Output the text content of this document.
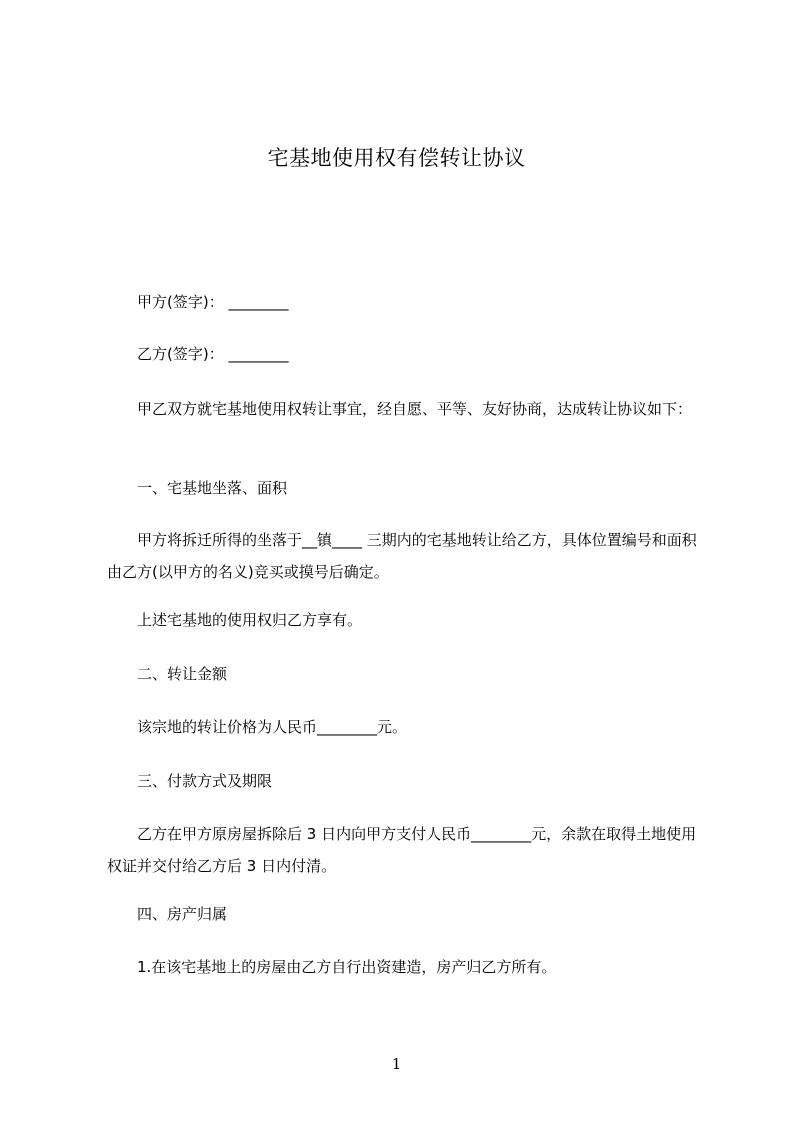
宅基地使用权有偿转让协议
甲方(签字)： ________
乙方(签字)： ________
甲乙双方就宅基地使用权转让事宜，经自愿、平等、友好协商，达成转让协议如下：
一、宅基地坐落、面积
甲方将拆迁所得的坐落于__镇____ 三期内的宅基地转让给乙方，具体位置编号和面积由乙方(以甲方的名义)竞买或摸号后确定。
上述宅基地的使用权归乙方享有。
二、转让金额
该宗地的转让价格为人民币________元。
三、付款方式及期限
乙方在甲方原房屋拆除后 3 日内向甲方支付人民币________元，余款在取得土地使用权证并交付给乙方后 3 日内付清。
四、房产归属
1.在该宅基地上的房屋由乙方自行出资建造，房产归乙方所有。
1
